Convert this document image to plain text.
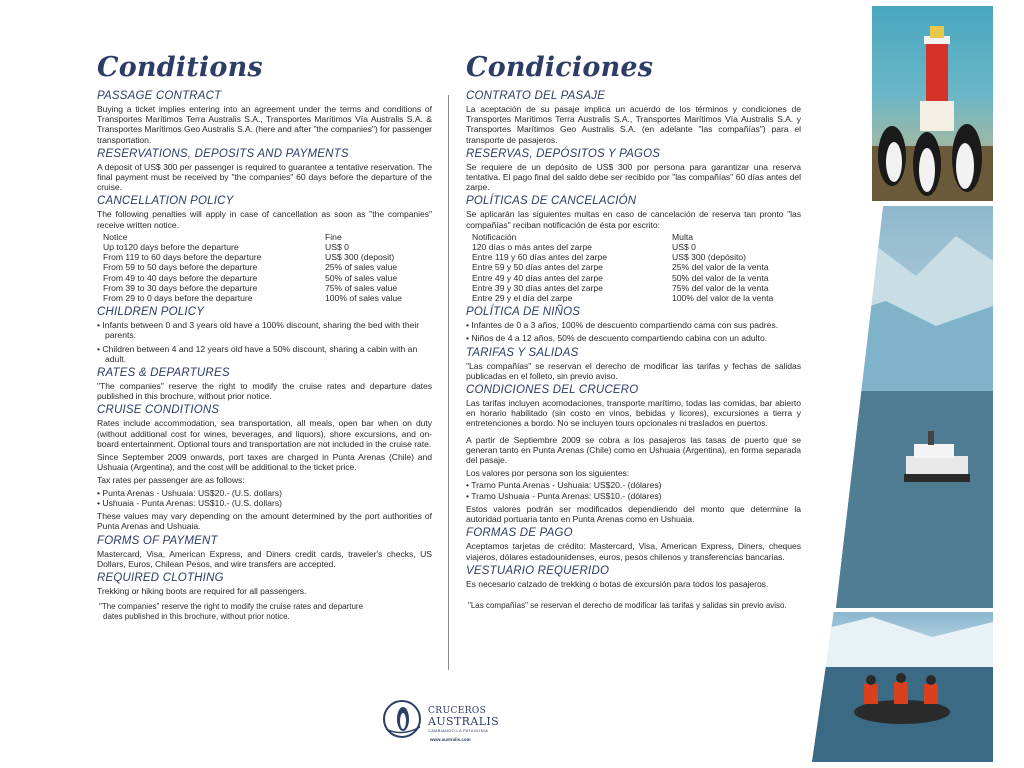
Conditions
PASSAGE CONTRACT

Buying a ticket implies entering into an agreement under the terms and conditions of Transportes Marítimos Terra Australis S.A., Transportes Marítimos Vía Australis S.A. & Transportes Marítimos Geo Australis S.A. (here and after "the companies") for passenger transportation.

RESERVATIONS, DEPOSITS AND PAYMENTS

A deposit of US$ 300 per passenger is required to guarantee a tentative reservation. The final payment must be received by "the companies" 60 days before the departure of the cruise.

CANCELLATION POLICY

The following penalties will apply in case of cancellation as soon as "the companies" receive written notice.

Notice	Fine
Up to120 days before the departure	US$ 0
From 119 to 60 days before the departure	US$ 300 (deposit)
From 59 to 50 days before the departure	25% of sales value
From 49 to 40 days before the departure	50% of sales value
From 39 to 30 days before the departure	75% of sales value
From 29 to 0 days before the departure	100% of sales value
CHILDREN POLICY
• Infants between 0 and 3 years old have a 100% discount, sharing the bed with their parents.
• Children between 4 and 12 years old have a 50% discount, sharing a cabin with an adult.
RATES & DEPARTURES

"The companies" reserve the right to modify the cruise rates and departure dates published in this brochure, without prior notice.

CRUISE CONDITIONS

Rates include accommodation, sea transportation, all meals, open bar when on duty (without additional cost for wines, beverages, and liquors), shore excursions, and on-board entertainment. Optional tours and transportation are not included in the cruise rate.

Since September 2009 onwards, port taxes are charged in Punta Arenas (Chile) and Ushuaia (Argentina), and the cost will be additional to the ticket price.

Tax rates per passenger are as follows:

• Punta Arenas - Ushuaia: US$20.- (U.S. dollars)
• Ushuaia - Punta Arenas: US$10.- (U.S. dollars)

These values may vary depending on the amount determined by the port authorities of Punta Arenas and Ushuaia.

FORMS OF PAYMENT

Mastercard, Visa, American Express, and Diners credit cards, traveler's checks, US Dollars, Euros, Chilean Pesos, and wire transfers are accepted.

REQUIRED CLOTHING

Trekking or hiking boots are required for all passengers.

"The companies" reserve the right to modify the cruise rates and departure
dates published in this brochure, without prior notice.
Condiciones
CONTRATO DEL PASAJE

La aceptación de su pasaje implica un acuerdo de los términos y condiciones de Transportes Marítimos Terra Australis S.A., Transportes Marítimos Vía Australis S.A. y Transportes Marítimos Geo Australis S.A. (en adelante "las compañías") para el transporte de pasajeros.

RESERVAS, DEPÓSITOS Y PAGOS

Se requiere de un depósito de US$ 300 por persona para garantizar una reserva tentativa. El pago final del saldo debe ser recibido por "las compañías" 60 días antes del zarpe.

POLÍTICAS DE CANCELACIÓN

Se aplicarán las siguientes multas en caso de cancelación de reserva tan pronto "las compañías" reciban notificación de ésta por escrito:

Notificación	Multa
120 días o más antes del zarpe	US$ 0
Entre 119 y 60 días antes del zarpe	US$ 300 (depósito)
Entre 59 y 50 días antes del zarpe	25% del valor de la venta
Entre 49 y 40 días antes del zarpe	50% del valor de la venta
Entre 39 y 30 días antes del zarpe	75% del valor de la venta
Entre 29 y el día del zarpe	100% del valor de la venta
POLÍTICA DE NIÑOS
• Infantes de 0 a 3 años, 100% de descuento compartiendo cama con sus padres.
• Niños de 4 a 12 años, 50% de descuento compartiendo cabina con un adulto.
TARIFAS Y SALIDAS

"Las compañías" se reservan el derecho de modificar las tarifas y fechas de salidas publicadas en el folleto, sin previo aviso.

CONDICIONES DEL CRUCERO

Las tarifas incluyen acomodaciones, transporte marítimo, todas las comidas, bar abierto en horario habilitado (sin costo en vinos, bebidas y licores), excursiones a tierra y entretenciones a bordo. No se incluyen tours opcionales ni traslados en puertos.

A partir de Septiembre 2009 se cobra a los pasajeros las tasas de puerto que se generan tanto en Punta Arenas (Chile) como en Ushuaia (Argentina), en forma separada del pasaje.

Los valores por persona son los siguientes:

• Tramo Punta Arenas - Ushuaia: US$20.- (dólares)
• Tramo Ushuaia - Punta Arenas: US$10.- (dólares)

Estos valores podrán ser modificados dependiendo del monto que determine la autoridad portuaria tanto en Punta Arenas como en Ushuaia.

FORMAS DE PAGO

Aceptamos tarjetas de crédito: Mastercard, Visa, American Express, Diners, cheques viajeros, dólares estadounidenses, euros, pesos chilenos y transferencias bancarias.

VESTUARIO REQUERIDO

Es necesario calzado de trekking o botas de excursión para todos los pasajeros.

"Las compañías" se reservan el derecho de modificar las tarifas y salidas sin previo aviso.
CRUCEROS
AUSTRALIS
CAMBIANDO LA PATAGONIA
www.australis.com
